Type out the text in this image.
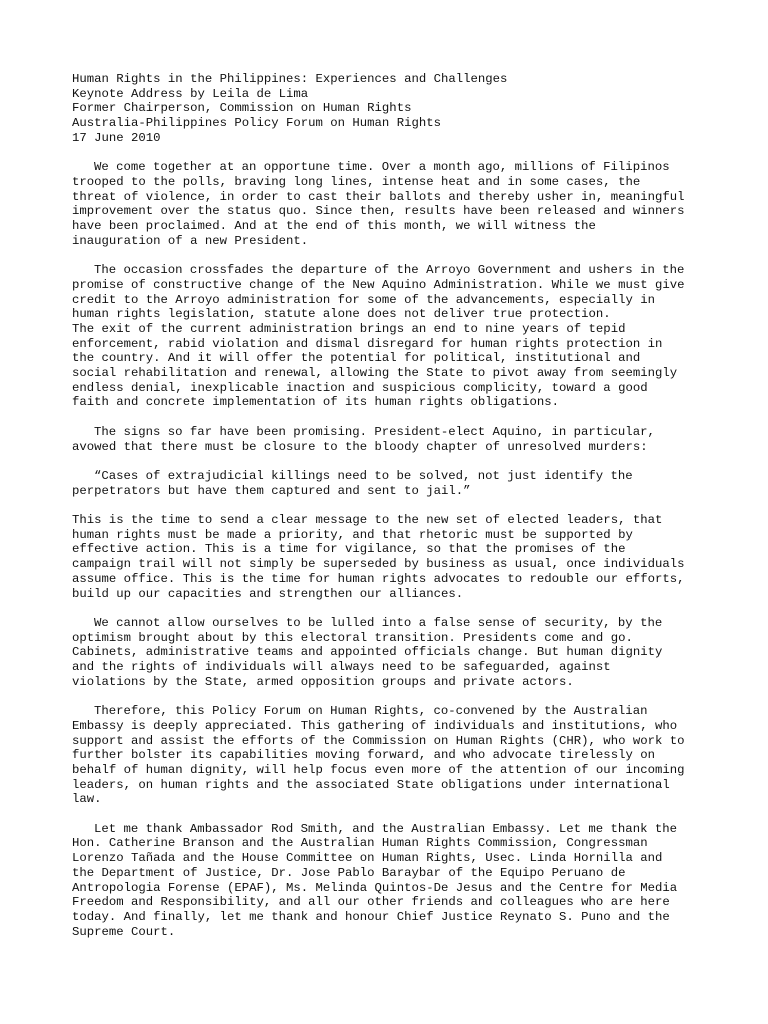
Human Rights in the Philippines: Experiences and Challenges
Keynote Address by Leila de Lima
Former Chairperson, Commission on Human Rights
Australia-Philippines Policy Forum on Human Rights
17 June 2010

We come together at an opportune time. Over a month ago, millions of Filipinos
trooped to the polls, braving long lines, intense heat and in some cases, the
threat of violence, in order to cast their ballots and thereby usher in, meaningful
improvement over the status quo. Since then, results have been released and winners
have been proclaimed. And at the end of this month, we will witness the
inauguration of a new President.

The occasion crossfades the departure of the Arroyo Government and ushers in the
promise of constructive change of the New Aquino Administration. While we must give
credit to the Arroyo administration for some of the advancements, especially in
human rights legislation, statute alone does not deliver true protection.
The exit of the current administration brings an end to nine years of tepid
enforcement, rabid violation and dismal disregard for human rights protection in
the country. And it will offer the potential for political, institutional and
social rehabilitation and renewal, allowing the State to pivot away from seemingly
endless denial, inexplicable inaction and suspicious complicity, toward a good
faith and concrete implementation of its human rights obligations.

The signs so far have been promising. President-elect Aquino, in particular,
avowed that there must be closure to the bloody chapter of unresolved murders:

“Cases of extrajudicial killings need to be solved, not just identify the
perpetrators but have them captured and sent to jail.”

This is the time to send a clear message to the new set of elected leaders, that
human rights must be made a priority, and that rhetoric must be supported by
effective action. This is a time for vigilance, so that the promises of the
campaign trail will not simply be superseded by business as usual, once individuals
assume office. This is the time for human rights advocates to redouble our efforts,
build up our capacities and strengthen our alliances.

We cannot allow ourselves to be lulled into a false sense of security, by the
optimism brought about by this electoral transition. Presidents come and go.
Cabinets, administrative teams and appointed officials change. But human dignity
and the rights of individuals will always need to be safeguarded, against
violations by the State, armed opposition groups and private actors.

Therefore, this Policy Forum on Human Rights, co-convened by the Australian
Embassy is deeply appreciated. This gathering of individuals and institutions, who
support and assist the efforts of the Commission on Human Rights (CHR), who work to
further bolster its capabilities moving forward, and who advocate tirelessly on
behalf of human dignity, will help focus even more of the attention of our incoming
leaders, on human rights and the associated State obligations under international
law.

Let me thank Ambassador Rod Smith, and the Australian Embassy. Let me thank the
Hon. Catherine Branson and the Australian Human Rights Commission, Congressman
Lorenzo Tañada and the House Committee on Human Rights, Usec. Linda Hornilla and
the Department of Justice, Dr. Jose Pablo Baraybar of the Equipo Peruano de
Antropologia Forense (EPAF), Ms. Melinda Quintos-De Jesus and the Centre for Media
Freedom and Responsibility, and all our other friends and colleagues who are here
today. And finally, let me thank and honour Chief Justice Reynato S. Puno and the
Supreme Court.
